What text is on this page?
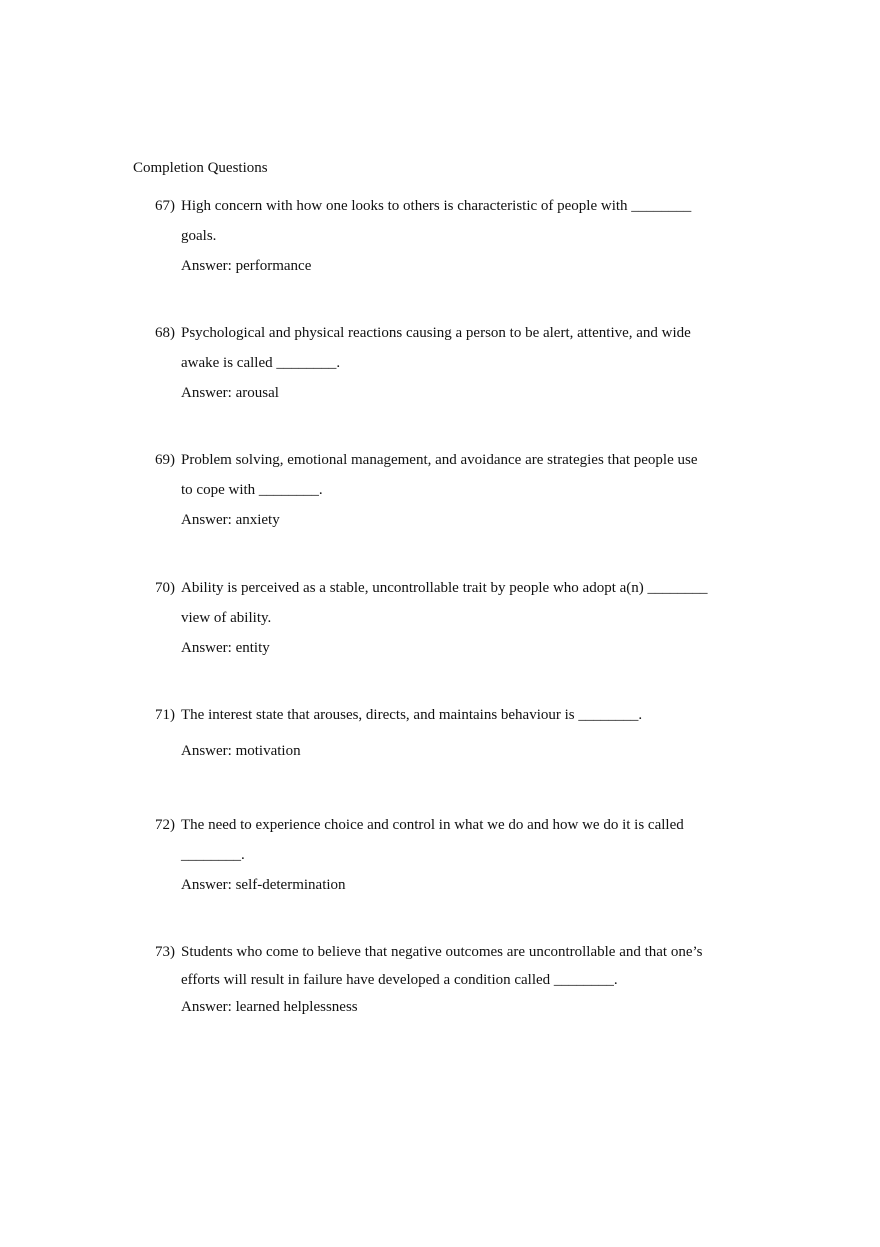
Completion Questions
67) High concern with how one looks to others is characteristic of people with ________
goals.
Answer: performance
68) Psychological and physical reactions causing a person to be alert, attentive, and wide
awake is called ________.
Answer: arousal
69) Problem solving, emotional management, and avoidance are strategies that people use
to cope with ________.
Answer: anxiety
70) Ability is perceived as a stable, uncontrollable trait by people who adopt a(n) ________
view of ability.
Answer: entity
71) The interest state that arouses, directs, and maintains behaviour is ________.
Answer: motivation
72) The need to experience choice and control in what we do and how we do it is called
________.
Answer: self-determination
73) Students who come to believe that negative outcomes are uncontrollable and that one’s
efforts will result in failure have developed a condition called ________.
Answer: learned helplessness
